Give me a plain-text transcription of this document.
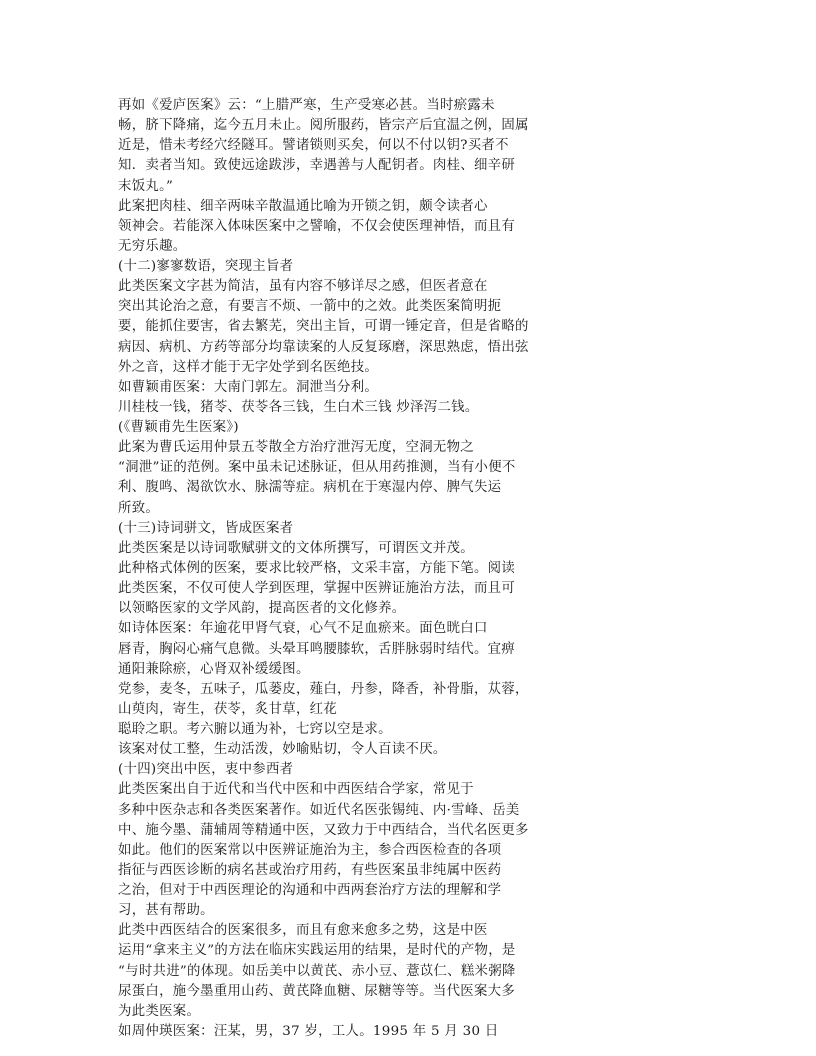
再如《爱庐医案》云：“上腊严寒，生产受寒必甚。当时瘀露未
畅，脐下降痛，迄今五月未止。阅所服药，皆宗产后宜温之例，固属
近是，惜未考经穴经隧耳。譬诸锁则买矣，何以不付以钥?买者不
知．卖者当知。致使远途跋涉，幸遇善与人配钥者。肉桂、细辛研
末饭丸。”
此案把肉桂、细辛两味辛散温通比喻为开锁之钥，颇令读者心
领神会。若能深入体味医案中之譬喻，不仅会使医理神悟，而且有
无穷乐趣。
(十二)寥寥数语，突现主旨者
此类医案文字甚为简洁，虽有内容不够详尽之感，但医者意在
突出其论治之意，有要言不烦、一箭中的之效。此类医案简明扼
要，能抓住要害，省去繁芜，突出主旨，可谓一锤定音，但是省略的
病因、病机、方药等部分均靠读案的人反复琢磨，深思熟虑，悟出弦
外之音，这样才能于无字处学到名医绝技。
如曹颖甫医案：大南门郭左。洞泄当分利。
川桂枝一钱，猪苓、茯苓各三钱，生白术三钱 炒泽泻二钱。
(《曹颖甫先生医案》)
此案为曹氏运用仲景五苓散全方治疗泄泻无度，空洞无物之
“洞泄”证的范例。案中虽未记述脉证，但从用药推测，当有小便不
利、腹鸣、渴欲饮水、脉濡等症。病机在于寒湿内停、脾气失运
所致。
(十三)诗词骈文，皆成医案者
此类医案是以诗词歌赋骈文的文体所撰写，可谓医文并茂。
此种格式体例的医案，要求比较严格，文采丰富，方能下笔。阅读
此类医案，不仅可使人学到医理，掌握中医辨证施治方法，而且可
以领略医家的文学风韵，提高医者的文化修养。
如诗体医案：年逾花甲肾气衰，心气不足血瘀来。面色晄白口
唇青，胸闷心痛气息微。头晕耳鸣腰膝软，舌胖脉弱时结代。宜痹
通阳兼除瘀，心肾双补缓缓图。
党参，麦冬，五味子，瓜蒌皮，薤白，丹参，降香，补骨脂，苁蓉，
山萸肉，寄生，茯苓，炙甘草，红花
聪聆之职。考六腑以通为补，七窍以空是求。
该案对仗工整，生动活泼，妙喻贴切，令人百读不厌。
(十四)突出中医，衷中参西者
此类医案出自于近代和当代中医和中西医结合学家，常见于
多种中医杂志和各类医案著作。如近代名医张锡纯、内·雪峰、岳美
中、施今墨、蒲辅周等精通中医，又致力于中西结合，当代名医更多
如此。他们的医案常以中医辨证施治为主，参合西医检查的各项
指征与西医诊断的病名甚或治疗用药，有些医案虽非纯属中医药
之治，但对于中西医理论的沟通和中西两套治疗方法的理解和学
习，甚有帮助。
此类中西医结合的医案很多，而且有愈来愈多之势，这是中医
运用“拿来主义”的方法在临床实践运用的结果，是时代的产物，是
“与时共进”的体现。如岳美中以黄芪、赤小豆、薏苡仁、糕米粥降
尿蛋白，施今墨重用山药、黄芪降血糖、尿糖等等。当代医案大多
为此类医案。
如周仲瑛医案：汪某，男，37 岁，工人。1995 年 5 月 30 日
